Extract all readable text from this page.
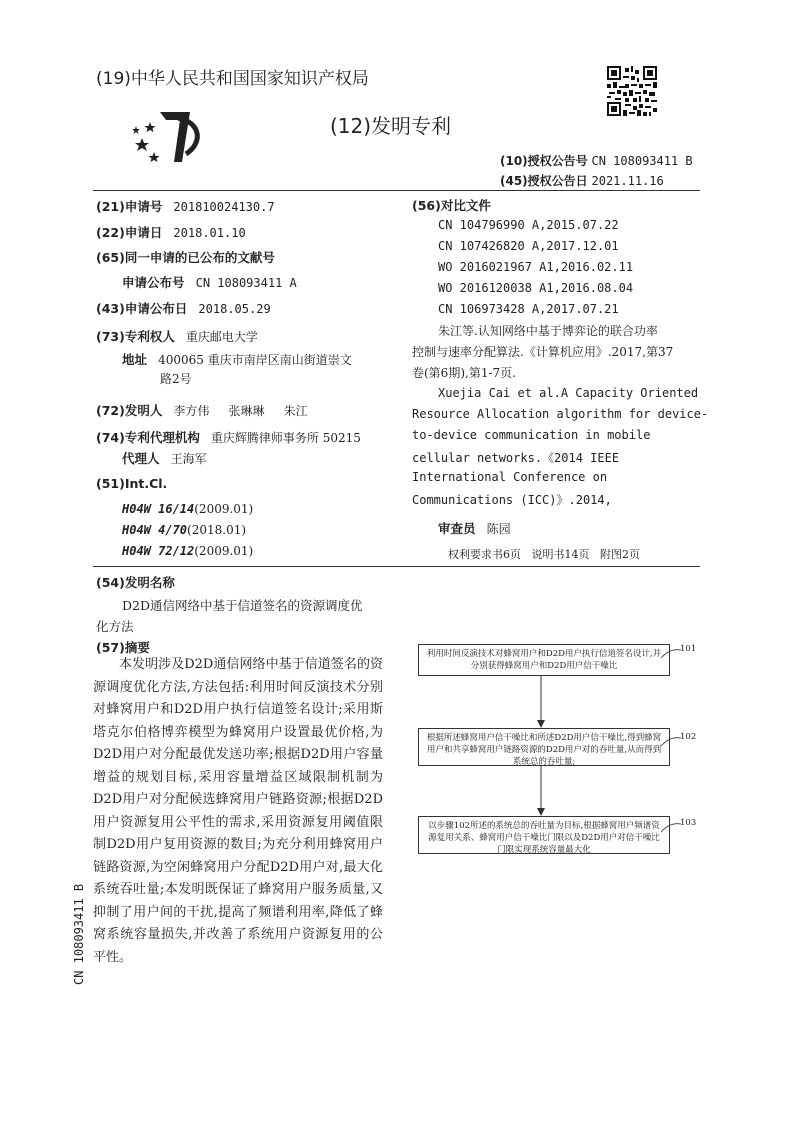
(19)中华人民共和国国家知识产权局
(12)发明专利
(10)授权公告号 CN 108093411 B
(45)授权公告日 2021.11.16
(21)申请号 201810024130.7
(22)申请日 2018.01.10
(65)同一申请的已公布的文献号
申请公布号 CN 108093411 A
(43)申请公布日 2018.05.29
(73)专利权人 重庆邮电大学
地址 400065 重庆市南岸区南山街道崇文
路2号
(72)发明人 李方伟 张琳琳 朱江
(74)专利代理机构 重庆辉腾律师事务所 50215
代理人 王海军
(51)Int.Cl.
H04W 16/14(2009.01)
H04W 4/70(2018.01)
H04W 72/12(2009.01)
(56)对比文件
CN 104796990 A,2015.07.22
CN 107426820 A,2017.12.01
WO 2016021967 A1,2016.02.11
WO 2016120038 A1,2016.08.04
CN 106973428 A,2017.07.21
朱江等.认知网络中基于博弈论的联合功率
控制与速率分配算法.《计算机应用》.2017,第37
卷(第6期),第1-7页.
Xuejia Cai et al.A Capacity Oriented
Resource Allocation algorithm for device-
to-device communication in mobile
cellular networks.《2014 IEEE
International Conference on
Communications (ICC)》.2014,
审查员 陈园
权利要求书6页   说明书14页   附图2页
(54)发明名称
D2D通信网络中基于信道签名的资源调度优
化方法
(57)摘要
本发明涉及D2D通信网络中基于信道签名的资源调度优化方法,方法包括:利用时间反演技术分别对蜂窝用户和D2D用户执行信道签名设计;采用斯塔克尔伯格博弈模型为蜂窝用户设置最优价格,为D2D用户对分配最优发送功率;根据D2D用户容量增益的规划目标,采用容量增益区域限制机制为D2D用户对分配候选蜂窝用户链路资源;根据D2D用户资源复用公平性的需求,采用资源复用阈值限制D2D用户复用资源的数目;为充分利用蜂窝用户链路资源,为空闲蜂窝用户分配D2D用户对,最大化系统吞吐量;本发明既保证了蜂窝用户服务质量,又抑制了用户间的干扰,提高了频谱利用率,降低了蜂窝系统容量损失,并改善了系统用户资源复用的公平性。
利用时间反演技术对蜂窝用户和D2D用户执行信道签名设计,并分别获得蜂窝用户和D2D用户信干噪比
101
根据所述蜂窝用户信干噪比和所述D2D用户信干噪比,得到蜂窝用户和共享蜂窝用户链路资源的D2D用户对的吞吐量,从而得到系统总的吞吐量;
102
以步骤102所述的系统总的吞吐量为目标,根据蜂窝用户频谱资源复用关系、蜂窝用户信干噪比门限以及D2D用户对信干噪比门限实现系统容量最大化
103
CN 108093411 B
